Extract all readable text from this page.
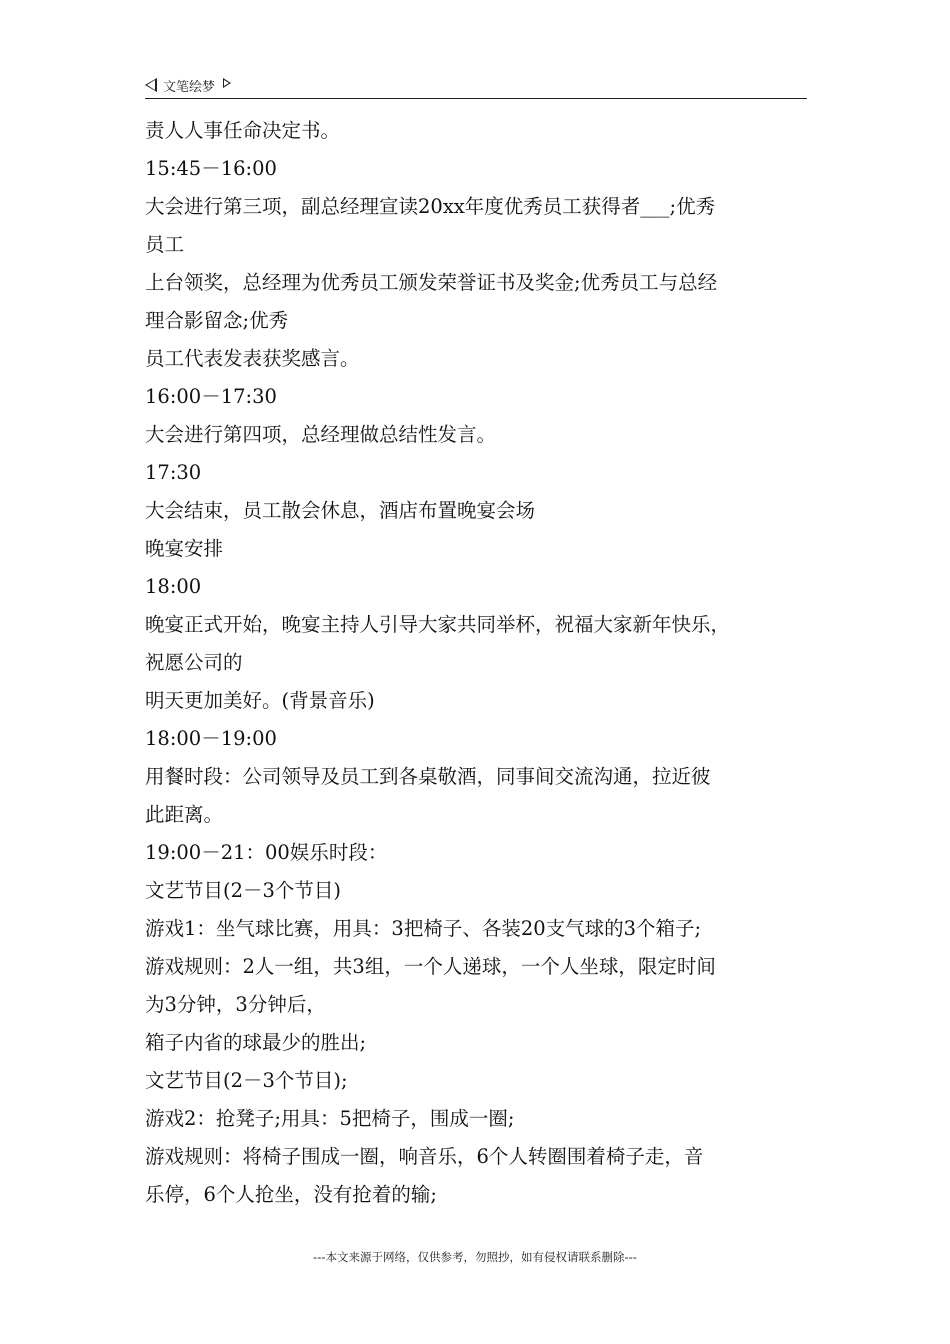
文笔绘梦
责人人事任命决定书。
15:45－16:00
大会进行第三项，副总经理宣读20xx年度优秀员工获得者___;优秀
员工
上台领奖，总经理为优秀员工颁发荣誉证书及奖金;优秀员工与总经
理合影留念;优秀
员工代表发表获奖感言。
16:00－17:30
大会进行第四项，总经理做总结性发言。
17:30
大会结束，员工散会休息，酒店布置晚宴会场
晚宴安排
18:00
晚宴正式开始，晚宴主持人引导大家共同举杯，祝福大家新年快乐，
祝愿公司的
明天更加美好。(背景音乐)
18:00－19:00
用餐时段：公司领导及员工到各桌敬酒，同事间交流沟通，拉近彼
此距离。
19:00－21：00娱乐时段：
文艺节目(2－3个节目)
游戏1：坐气球比赛，用具：3把椅子、各装20支气球的3个箱子;
游戏规则：2人一组，共3组，一个人递球，一个人坐球，限定时间
为3分钟，3分钟后，
箱子内省的球最少的胜出;
文艺节目(2－3个节目);
游戏2：抢凳子;用具：5把椅子，围成一圈;
游戏规则：将椅子围成一圈，响音乐，6个人转圈围着椅子走，音
乐停，6个人抢坐，没有抢着的输;
---本文来源于网络，仅供参考，勿照抄，如有侵权请联系删除---
